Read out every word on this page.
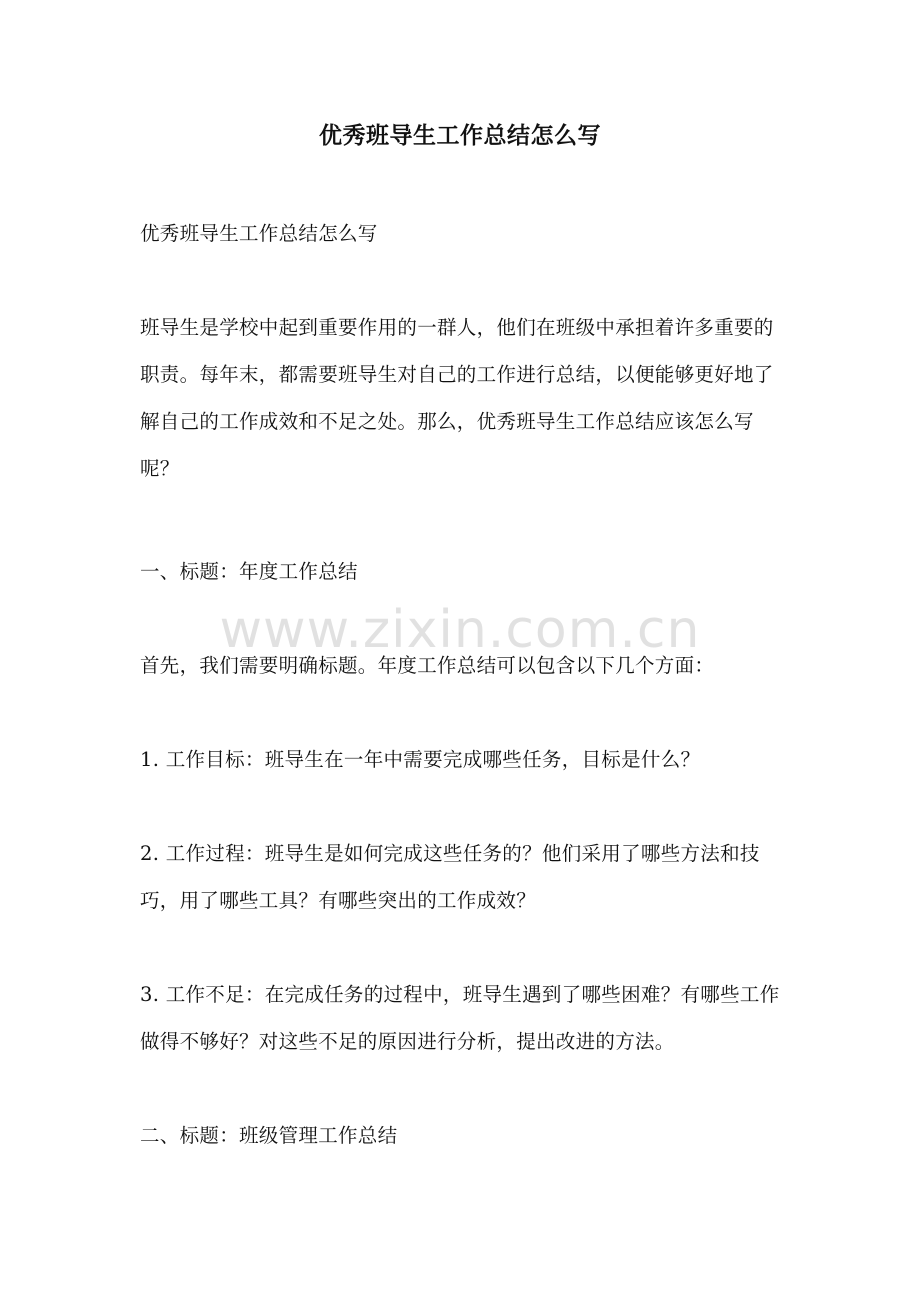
优秀班导生工作总结怎么写

优秀班导生工作总结怎么写

班导生是学校中起到重要作用的一群人，他们在班级中承担着许多重要的职责。每年末，都需要班导生对自己的工作进行总结，以便能够更好地了解自己的工作成效和不足之处。那么，优秀班导生工作总结应该怎么写呢？

一、标题：年度工作总结

首先，我们需要明确标题。年度工作总结可以包含以下几个方面：

1. 工作目标：班导生在一年中需要完成哪些任务，目标是什么？

2. 工作过程：班导生是如何完成这些任务的？他们采用了哪些方法和技巧，用了哪些工具？有哪些突出的工作成效？

3. 工作不足：在完成任务的过程中，班导生遇到了哪些困难？有哪些工作做得不够好？对这些不足的原因进行分析，提出改进的方法。

二、标题：班级管理工作总结

www.zixin.com.cn
